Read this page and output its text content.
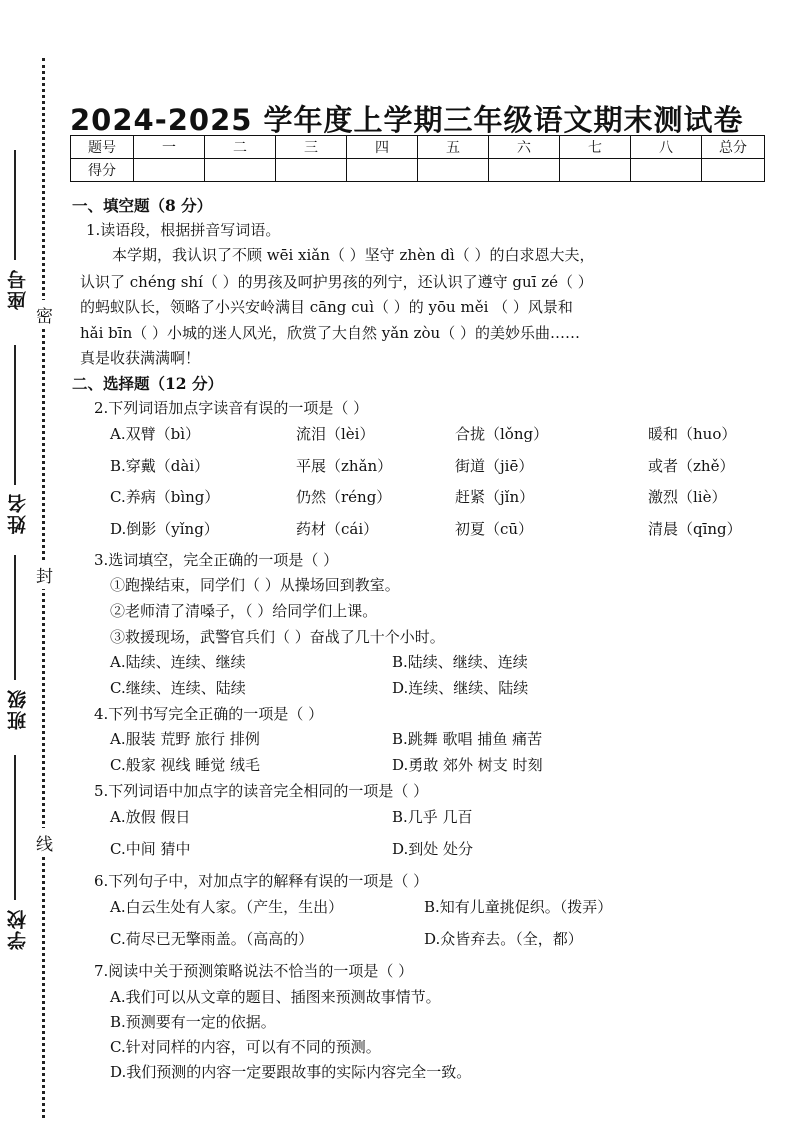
座号
姓名
班级
学校
密
封
线
2024-2025 学年度上学期三年级语文期末测试卷
题号	一	二	三	四	五	六	七	八	总分
得分									
一、填空题（8 分）
1.读语段，根据拼音写词语。
本学期，我认识了不顾 wēi xiǎn（ ）坚守 zhèn dì（ ）的白求恩大夫，
认识了 chéng shí（ ）的男孩及呵护男孩的列宁，还认识了遵守 guī zé（ ）
的蚂蚁队长，领略了小兴安岭满目 cāng cuì（ ）的 yōu měi （ ）风景和
hǎi bīn（ ）小城的迷人风光，欣赏了大自然 yǎn zòu（ ）的美妙乐曲……
真是收获满满啊！
二、选择题（12 分）
2.下列词语加点字读音有误的一项是（ ）
A.双臂（bì）	流泪（lèi）	合拢（lǒng）	暖和（huo）
B.穿戴（dài）	平展（zhǎn）	街道（jiē）	或者（zhě）
C.养病（bìng）	仍然（réng）	赶紧（jǐn）	激烈（liè）
D.倒影（yǐng）	药材（cái）	初夏（cū）	清晨（qīng）
3.选词填空，完全正确的一项是（ ）
①跑操结束，同学们（ ）从操场回到教室。
②老师清了清嗓子，（ ）给同学们上课。
③救援现场，武警官兵们（ ）奋战了几十个小时。
A.陆续、连续、继续	B.陆续、继续、连续
C.继续、连续、陆续	D.连续、继续、陆续
4.下列书写完全正确的一项是（ ）
A.服装 荒野 旅行 排例	B.跳舞 歌唱 捕鱼 痛苦
C.般家 视线 睡觉 绒毛	D.勇敢 郊外 树支 时刻
5.下列词语中加点字的读音完全相同的一项是（ ）
A.放假 假日	B.几乎 几百
C.中间 猜中	D.到处 处分
6.下列句子中，对加点字的解释有误的一项是（ ）
A.白云生处有人家。（产生，生出）	B.知有儿童挑促织。（拨弄）
C.荷尽已无擎雨盖。（高高的）	D.众皆弃去。（全，都）
7.阅读中关于预测策略说法不恰当的一项是（ ）
A.我们可以从文章的题目、插图来预测故事情节。
B.预测要有一定的依据。
C.针对同样的内容，可以有不同的预测。
D.我们预测的内容一定要跟故事的实际内容完全一致。
